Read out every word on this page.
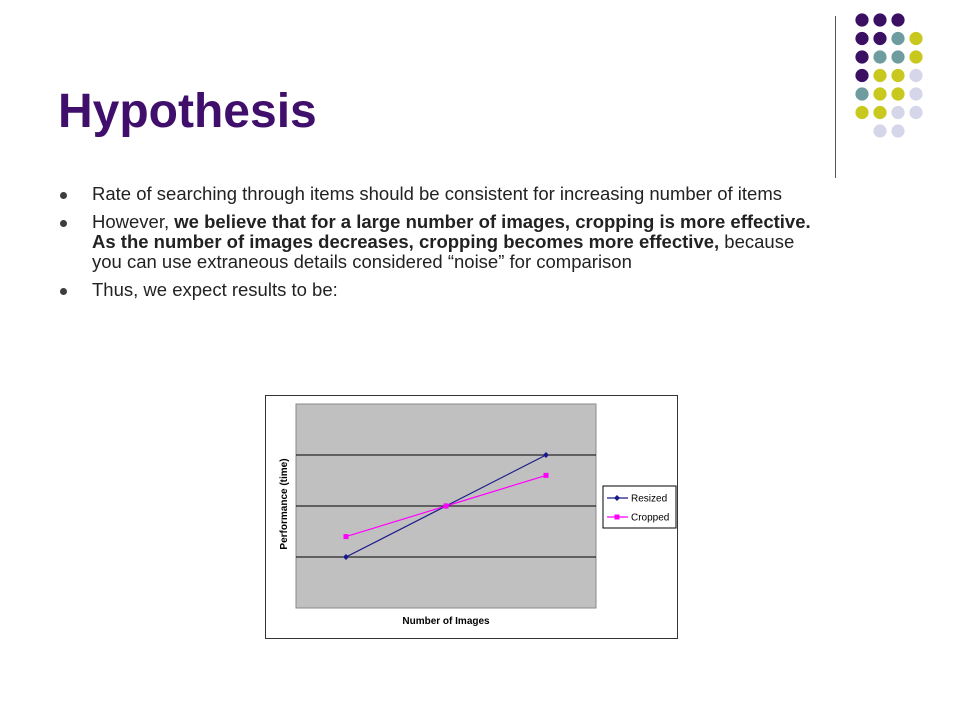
Hypothesis
Rate of searching through items should be consistent for increasing number of items
However, we believe that for a large number of images, cropping is more effective. As the number of images decreases, cropping becomes more effective, because you can use extraneous details considered “noise” for comparison
Thus, we expect results to be:
Number of Images
Performance (time)	Resized
Cropped
